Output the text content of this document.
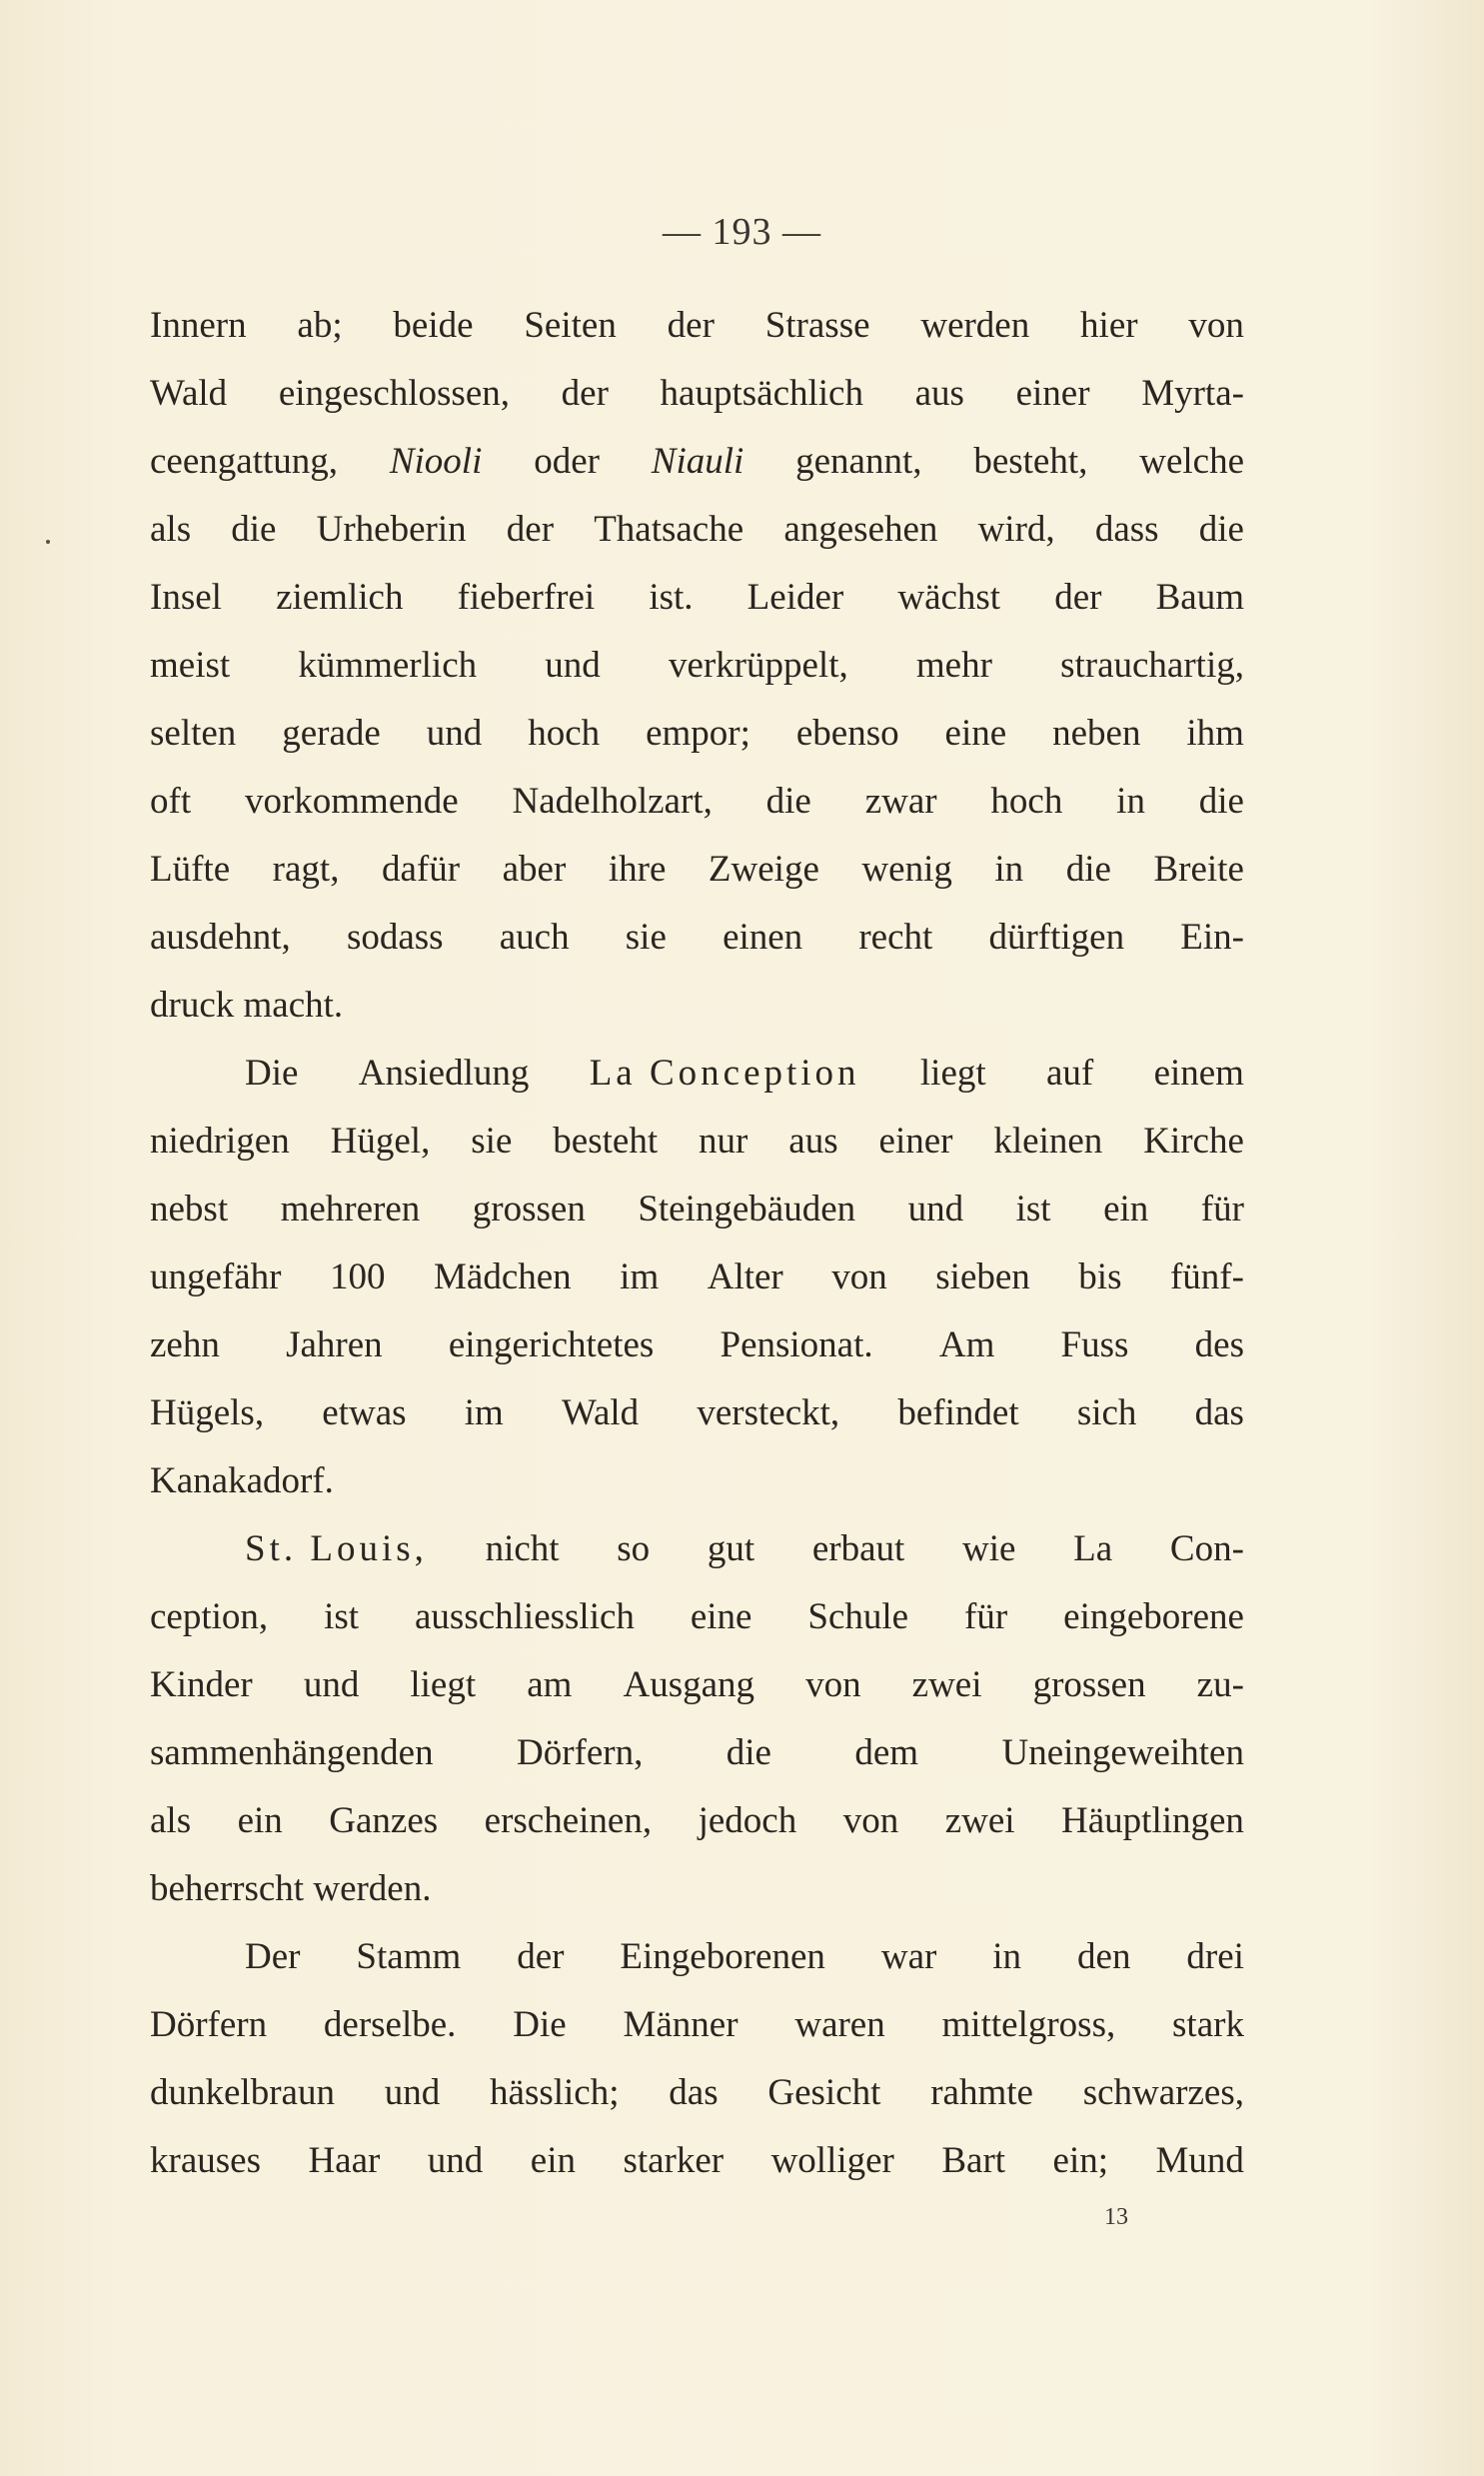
— 193 —
Innern ab; beide Seiten der Strasse werden hier von
Wald eingeschlossen, der hauptsächlich aus einer Myrta-
ceengattung, Niooli oder Niauli genannt, besteht, welche
als die Urheberin der Thatsache angesehen wird, dass die
Insel ziemlich fieberfrei ist. Leider wächst der Baum
meist kümmerlich und verkrüppelt, mehr strauchartig,
selten gerade und hoch empor; ebenso eine neben ihm
oft vorkommende Nadelholzart, die zwar hoch in die
Lüfte ragt, dafür aber ihre Zweige wenig in die Breite
ausdehnt, sodass auch sie einen recht dürftigen Ein-
druck
macht.
Die Ansiedlung La Conception liegt auf einem
niedrigen Hügel, sie besteht nur aus einer kleinen Kirche
nebst mehreren grossen Steingebäuden und ist ein für
ungefähr 100 Mädchen im Alter von sieben bis fünf-
zehn Jahren eingerichtetes Pensionat. Am Fuss des
Hügels, etwas im Wald versteckt, befindet sich das
Kanakadorf.
St. Louis, nicht so gut erbaut wie La Con-
ception, ist ausschliesslich eine Schule für eingeborene
Kinder und liegt am Ausgang von zwei grossen zu-
sammenhängenden Dörfern, die dem Uneingeweihten
als ein Ganzes erscheinen, jedoch von zwei Häuptlingen
beherrscht
werden.
Der Stamm der Eingeborenen war in den drei
Dörfern derselbe. Die Männer waren mittelgross, stark
dunkelbraun und hässlich; das Gesicht rahmte schwarzes,
krauses Haar und ein starker wolliger Bart ein; Mund
13
